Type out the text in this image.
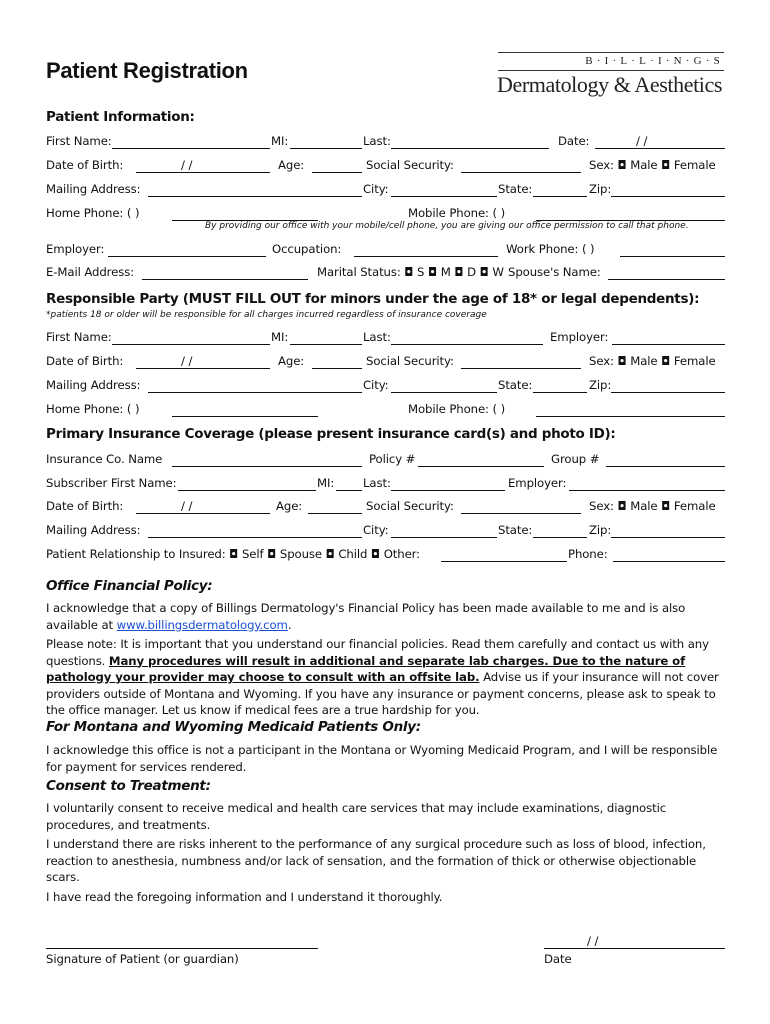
Patient Registration	B·I·L·L·I·N·G·S
Dermatology & Aesthetics
Patient Information:
First Name:	MI:	Last:	Date:	/ /
Date of Birth:	/ /	Age:	Social Security:	Sex: ◘ Male ◘ Female
Mailing Address:	City:	State:	Zip:
Home Phone: ( )	Mobile Phone: ( )
By providing our office with your mobile/cell phone, you are giving our office permission to call that phone.
Employer:	Occupation:	Work Phone: ( )
E-Mail Address:	Marital Status: ◘ S ◘ M ◘ D ◘ W Spouse's Name:
Responsible Party (MUST FILL OUT for minors under the age of 18* or legal dependents):
*patients 18 or older will be responsible for all charges incurred regardless of insurance coverage
First Name:	MI:	Last:	Employer:
Date of Birth:	/ /	Age:	Social Security:	Sex: ◘ Male ◘ Female
Mailing Address:	City:	State:	Zip:
Home Phone: ( )	Mobile Phone: ( )
Primary Insurance Coverage (please present insurance card(s) and photo ID):
Insurance Co. Name	Policy #	Group #
Subscriber First Name:	MI: Last:	Employer:
Date of Birth:	/ /	Age:	Social Security:	Sex: ◘ Male ◘ Female
Mailing Address:	City:	State:	Zip:
Patient Relationship to Insured: ◘ Self ◘ Spouse ◘ Child ◘ Other:	Phone:
Office Financial Policy:

I acknowledge that a copy of Billings Dermatology's Financial Policy has been made available to me and is also available at www.billingsdermatology.com.

Please note: It is important that you understand our financial policies. Read them carefully and contact us with any questions. Many procedures will result in additional and separate lab charges. Due to the nature of pathology your provider may choose to consult with an offsite lab. Advise us if your insurance will not cover providers outside of Montana and Wyoming. If you have any insurance or payment concerns, please ask to speak to the office manager. Let us know if medical fees are a true hardship for you.

For Montana and Wyoming Medicaid Patients Only:
I acknowledge this office is not a participant in the Montana or Wyoming Medicaid Program, and I will be responsible for payment for services rendered.
Consent to Treatment:

I voluntarily consent to receive medical and health care services that may include examinations, diagnostic procedures, and treatments.

I understand there are risks inherent to the performance of any surgical procedure such as loss of blood, infection, reaction to anesthesia, numbness and/or lack of sensation, and the formation of thick or otherwise objectionable scars.

I have read the foregoing information and I understand it thoroughly.

Signature of Patient (or guardian)
/ /
Date
